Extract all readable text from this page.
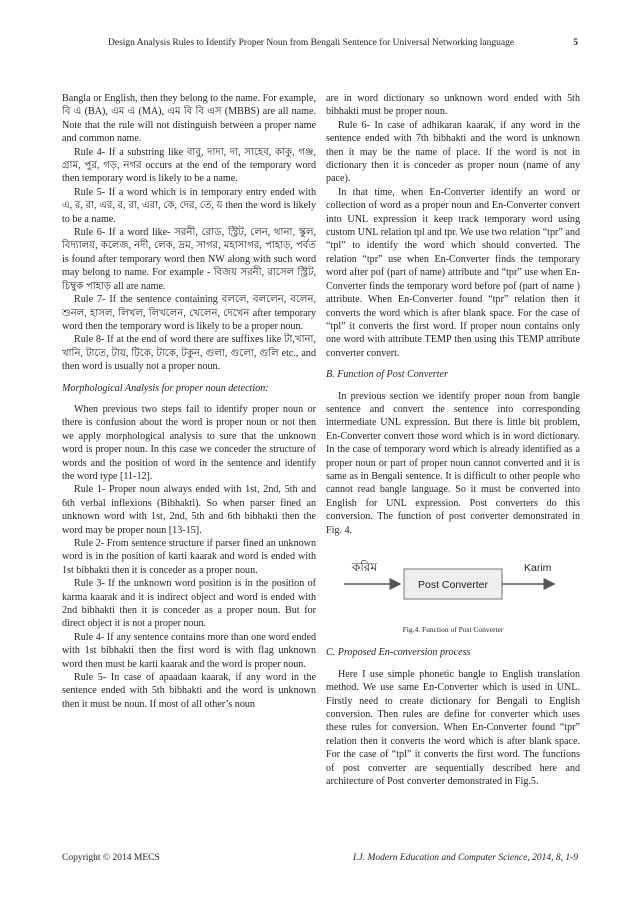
Design Analysis Rules to Identify Proper Noun from Bengali Sentence for Universal Networking language	5

Bangla or English, then they belong to the name. For example, বি এ (BA), এম এ (MA), এম বি বি এস (MBBS) are all name. Note that the rule will not distinguish between a proper name and common name.

Rule 4- If a substring like বাবু, দাদা, দা, সাহেব, কাকু, গঞ্জ, গ্রাম, পুর, গড়, নগর occurs at the end of the temporary word then temporary word is likely to be a name.

Rule 5- If a word which is in temporary entry ended with এ, র, রা, এর, র, রা, এরা, কে, দের, তে, য় then the word is likely to be a name.

Rule 6- If a word like- সরনী, রোড, স্ট্রিট, লেন, থানা, স্কুল, বিদ্যালয়, কলেজ, নদী, লেক, দ্রম, সাগর, মহাসাগর, পাহাড়, পর্বত is found after temporary word then NW along with such word may belong to name. For example - বিজয় সরনী, রাসেল স্ট্রিট, চিম্বুক পাহাড় all are name.

Rule 7- If the sentence containing বললে, বললেন, বলেন, শুনল, হাসল, লিখল, লিখলেন, খেলেন, দেখেন after temporary word then the temporary word is likely to be a proper noun.

Rule 8- If at the end of word there are suffixes like টা,খানা, খানি, টাতে, টায়, টিকে, টাকে, টকুন, গুলা, গুলো, গুলি etc., and then word is usually not a proper noun.

Morphological Analysis for proper noun detection:

When previous two steps fail to identify proper noun or there is confusion about the word is proper noun or not then we apply morphological analysis to sure that the unknown word is proper noun. In this case we conceder the structure of words and the position of word in the sentence and identify the word type [11-12].

Rule 1- Proper noun always ended with 1st, 2nd, 5th and 6th verbal inflexions (Bibhakti). So when parser fined an unknown word with 1st, 2nd, 5th and 6th bibhakti then the word may be proper noun [13-15].

Rule 2- From sentence structure if parser fined an unknown word is in the position of karti kaarak and word is ended with 1st bibhakti then it is conceder as a proper noun.

Rule 3- If the unknown word position is in the position of karma kaarak and it is indirect object and word is ended with 2nd bibhakti then it is conceder as a proper noun. But for direct object it is not a proper noun.

Rule 4- If any sentence contains more than one word ended with 1st bibhakti then the first word is with flag unknown word then must be karti kaarak and the word is proper noun.

Rule 5- In case of apaadaan kaarak, if any word in the sentence ended with 5th bibhakti and the word is unknown then it must be noun. If most of all other’s noun

are in word dictionary so unknown word ended with 5th bibhakti must be proper noun.

Rule 6- In case of adhikaran kaarak, if any word in the sentence ended with 7th bibhakti and the word is unknown then it may be the name of place. If the word is not in dictionary then it is conceder as proper noun (name of any pace).

In that time, when En-Converter identify an word or collection of word as a proper noun and En-Converter convert into UNL expression it keep track temporary word using custom UNL relation tpl and tpr. We use two relation “tpr” and “tpl” to identify the word which should converted. The relation “tpr” use when En-Converter finds the temporary word after pof (part of name) attribute and “tpr” use when En-Converter finds the temporary word before pof (part of name ) attribute. When En-Converter found “tpr” relation then it converts the word which is after blank space. For the case of “tpl” it converts the first word. If proper noun contains only one word with attribute TEMP then using this TEMP attribute converter convert.

B. Function of Post Converter

In previous section we identify proper noun from bangle sentence and convert the sentence into corresponding intermediate UNL expression. But there is little bit problem, En-Converter convert those word which is in word dictionary. In the case of temporary word which is already identified as a proper noun or part of proper noun cannot converted and it is same as in Bengali sentence. It is difficult to other people who cannot read bangle language. So it must be converted into English for UNL expression. Post converters do this conversion. The function of post converter demonstrated in Fig. 4.

করিম
Post Converter
Karim
Fig.4. Function of Post Converter

C. Proposed En-conversion process

Here I use simple phonetic bangle to English translation method. We use same En-Converter which is used in UNL. Firstly need to create dictionary for Bengali to English conversion. Then rules are define for converter which uses these rules for conversion. When En-Converter found “tpr” relation then it converts the word which is after blank space. For the case of “tpl” it converts the first word. The functions of post converter are sequentially described here and architecture of Post converter demonstrated in Fig.5.

Copyright © 2014 MECS	I.J. Modern Education and Computer Science, 2014, 8, 1-9
